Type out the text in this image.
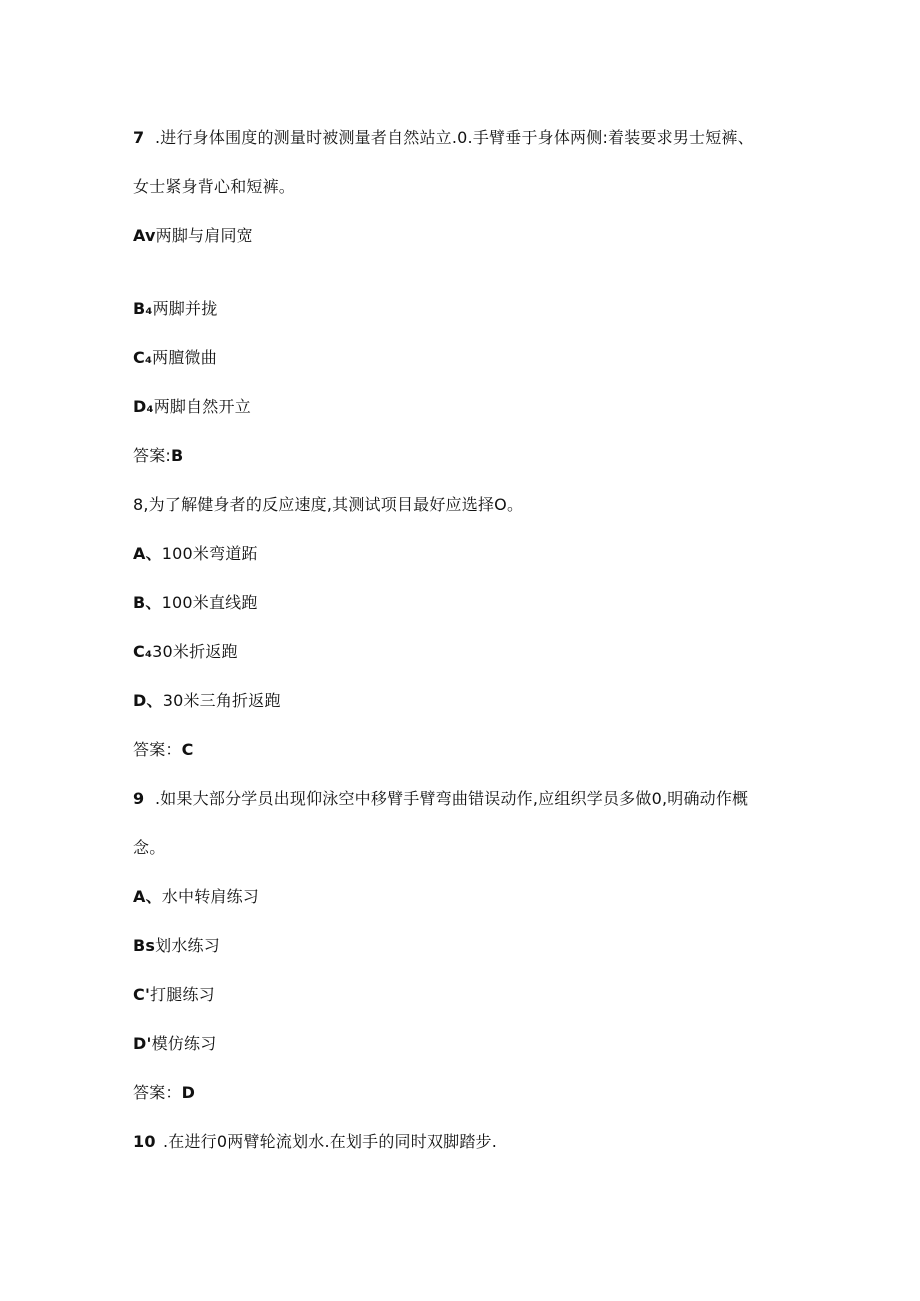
7 .进行身体围度的测量时被测量者自然站立.0.手臂垂于身体两侧:着装要求男士短裤、
女士紧身背心和短裤。
Av两脚与肩同宽
B₄两脚并拢
C₄两膻微曲
D₄两脚自然开立
答案:B
8,为了解健身者的反应速度,其测试项目最好应选择O。
A、100米弯道跖
B、100米直线跑
C₄30米折返跑
D、30米三角折返跑
答案：C
9 .如果大部分学员出现仰泳空中移臂手臂弯曲错误动作,应组织学员多做0,明确动作概
念。
A、水中转肩练习
Bs划水练习
C'打腿练习
D'模仿练习
答案：D
10 .在进行0两臂轮流划水.在划手的同时双脚踏步.
